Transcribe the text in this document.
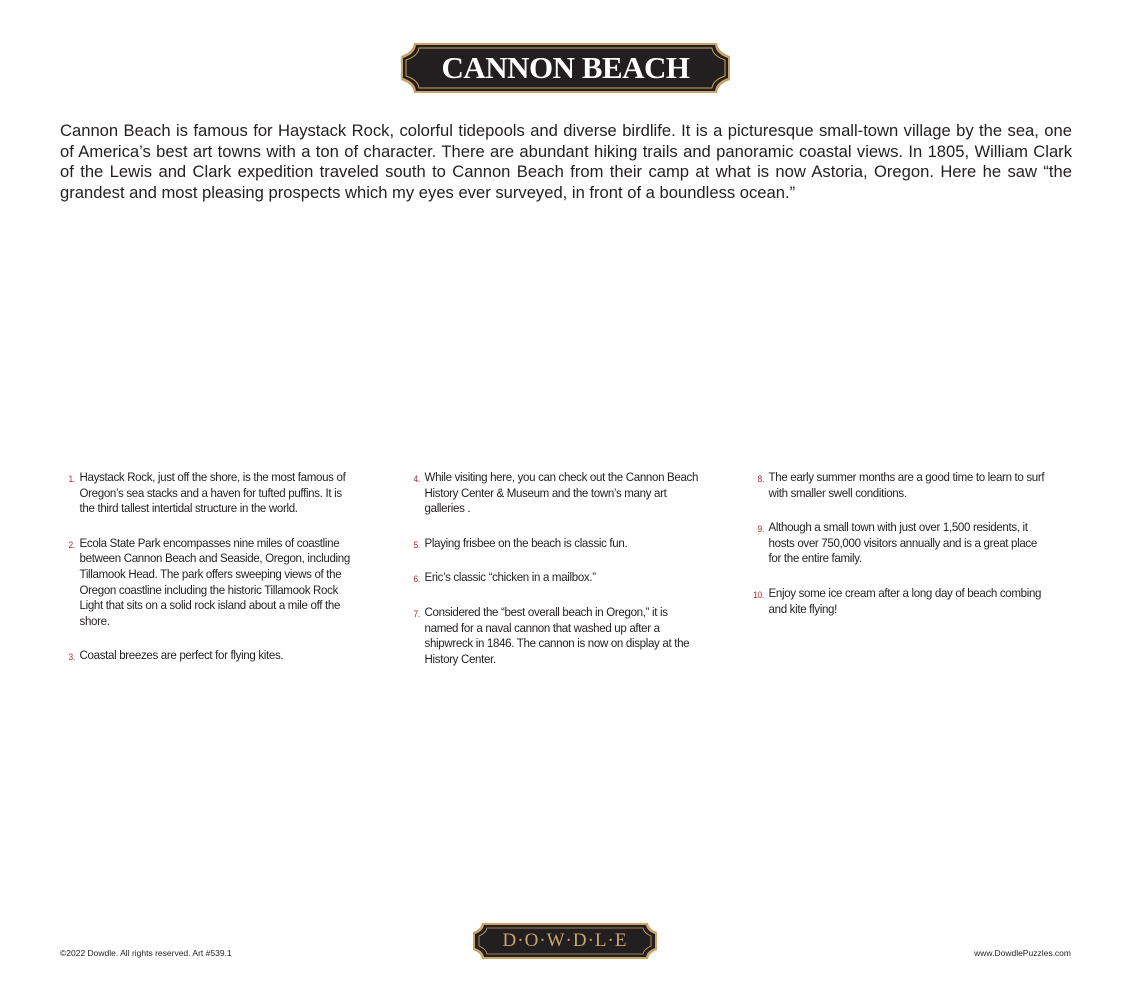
CANNON BEACH

Cannon Beach is famous for Haystack Rock, colorful tidepools and diverse birdlife. It is a picturesque small-town village by the sea, one of America’s best art towns with a ton of character. There are abundant hiking trails and panoramic coastal views. In 1805, William Clark of the Lewis and Clark expedition traveled south to Cannon Beach from their camp at what is now Astoria, Oregon. Here he saw “the grandest and most pleasing prospects which my eyes ever surveyed, in front of a boundless ocean.”

1. Haystack Rock, just off the shore, is the most famous of Oregon’s sea stacks and a haven for tufted puffins. It is the third tallest intertidal structure in the world.
2. Ecola State Park encompasses nine miles of coastline between Cannon Beach and Seaside, Oregon, including Tillamook Head. The park offers sweeping views of the Oregon coastline including the historic Tillamook Rock Light that sits on a solid rock island about a mile off the shore.
3. Coastal breezes are perfect for flying kites.
4. While visiting here, you can check out the Cannon Beach History Center & Museum and the town’s many art galleries .
5. Playing frisbee on the beach is classic fun.
6. Eric’s classic “chicken in a mailbox.”
7. Considered the “best overall beach in Oregon,” it is named for a naval cannon that washed up after a shipwreck in 1846. The cannon is now on display at the History Center.
8. The early summer months are a good time to learn to surf with smaller swell conditions.
9. Although a small town with just over 1,500 residents, it hosts over 750,000 visitors annually and is a great place for the entire family.
10. Enjoy some ice cream after a long day of beach combing and kite flying!
©2022 Dowdle. All rights reserved. Art #539.1
D·O·W·D·L·E
www.DowdlePuzzles.com
